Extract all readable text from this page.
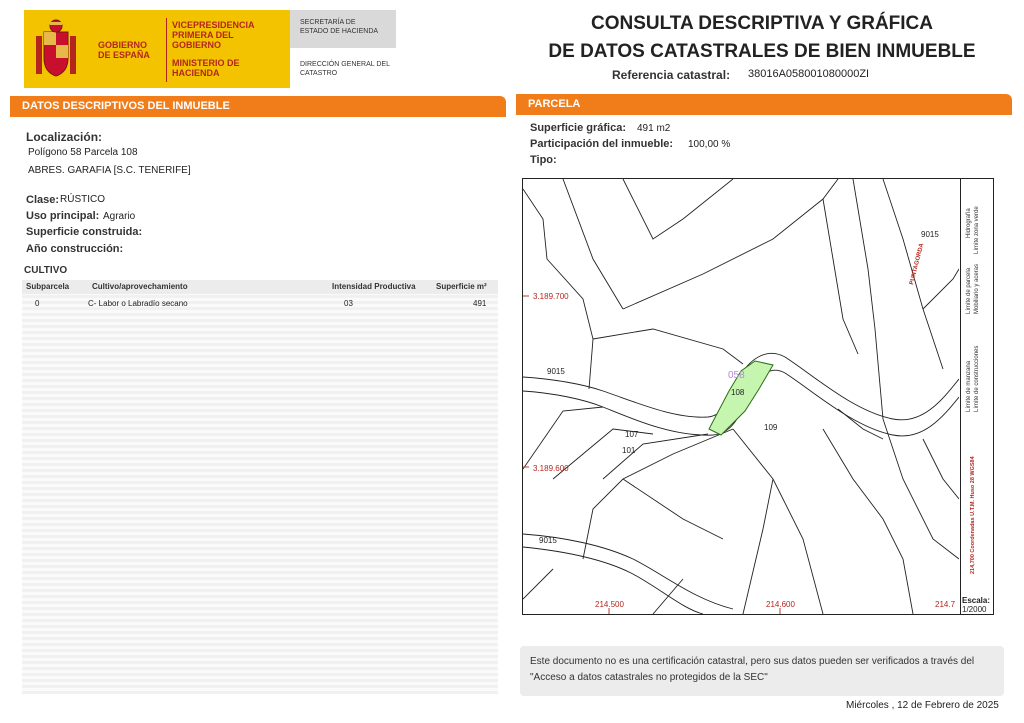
GOBIERNO
DE ESPAÑA
VICEPRESIDENCIA PRIMERA DEL GOBIERNO
MINISTERIO DE HACIENDA
SECRETARÍA DE ESTADO DE HACIENDA
DIRECCIÓN GENERAL DEL CATASTRO
CONSULTA DESCRIPTIVA Y GRÁFICA
DE DATOS CATASTRALES DE BIEN INMUEBLE
Referencia catastral: 38016A058001080000ZI
DATOS DESCRIPTIVOS DEL INMUEBLE
Localización:
Polígono 58 Parcela 108
ABRES. GARAFIA [S.C. TENERIFE]
Clase: RÚSTICO
Uso principal: Agrario
Superficie construida:
Año construcción:
CULTIVO
Subparcela	Cultivo/aprovechamiento	Intensidad Productiva	Superficie m²
0	C- Labor o Labradío secano	03	491
PARCELA
Superficie gráfica: 491 m2
Participación del inmueble: 100,00 %
Tipo:
3.189.700
3.189.600
214.500	214.600	214.7
9015
9015
9015
058
108
109
107
101
PUNTAGORDA
Límite de parcela
Hidrografía
Mobiliario y aceras
Límite zona verde
Límite de manzana Límite de construcciones
214,700 Coordenadas U.T.M. Huso 28 WGS84
Escala:
1/2000
Este documento no es una certificación catastral, pero sus datos pueden ser verificados a través del "Acceso a datos catastrales no protegidos de la SEC"
Miércoles , 12 de Febrero de 2025
